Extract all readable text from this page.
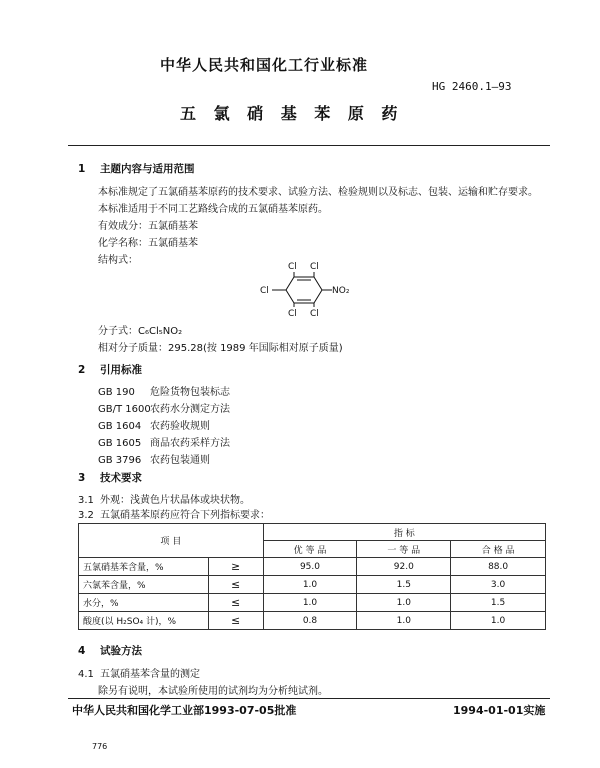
中华人民共和国化工行业标准
HG 2460.1—93
五 氯 硝 基 苯 原 药
1 主题内容与适用范围
本标准规定了五氯硝基苯原药的技术要求、试验方法、检验规则以及标志、包装、运输和贮存要求。
本标准适用于不同工艺路线合成的五氯硝基苯原药。
有效成分：五氯硝基苯
化学名称：五氯硝基苯
结构式：
Cl Cl
Cl	NO₂
Cl Cl
分子式：C₆Cl₅NO₂
相对分子质量：295.28(按 1989 年国际相对原子质量)
2 引用标准
GB 190 危险货物包装标志
GB/T 1600农药水分测定方法
GB 1604 农药验收规则
GB 1605 商品农药采样方法
GB 3796 农药包装通则
3 技术要求
3.1 外观：浅黄色片状晶体或块状物。
3.2 五氯硝基苯原药应符合下列指标要求：
项 目		指 标		
		优 等 品	一 等 品	合 格 品
五氯硝基苯含量，%	≥	95.0	92.0	88.0
六氯苯含量，%	≤	1.0	1.5	3.0
水分，%	≤	1.0	1.0	1.5
酸度(以 H₂SO₄ 计)，%	≤	0.8	1.0	1.0
4 试验方法
4.1 五氯硝基苯含量的测定
除另有说明，本试验所使用的试剂均为分析纯试剂。
中华人民共和国化学工业部1993-07-05批准	1994-01-01实施
776
